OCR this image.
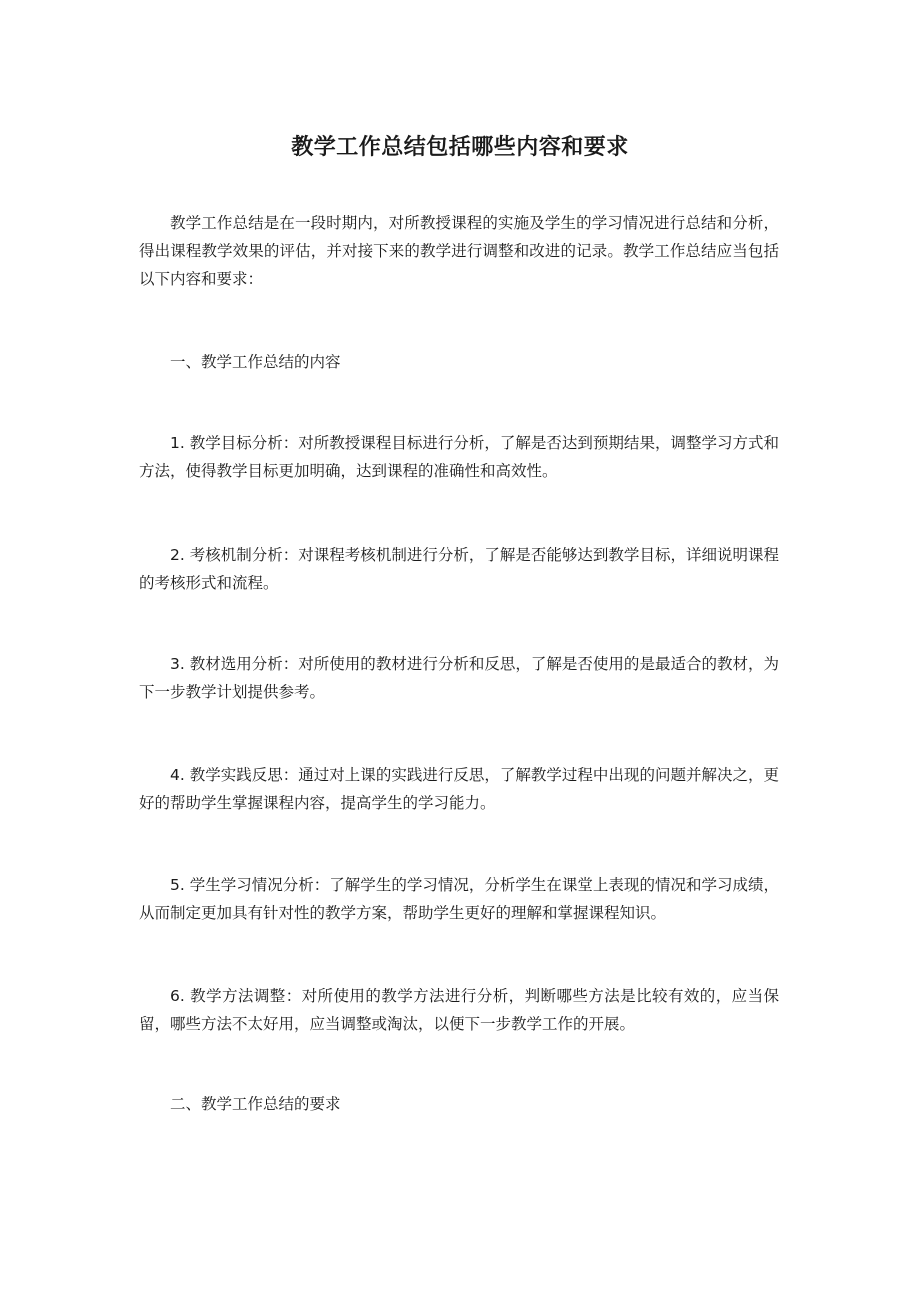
教学工作总结包括哪些内容和要求

教学工作总结是在一段时期内，对所教授课程的实施及学生的学习情况进行总结和分析，得出课程教学效果的评估，并对接下来的教学进行调整和改进的记录。教学工作总结应当包括以下内容和要求：

一、教学工作总结的内容

1. 教学目标分析：对所教授课程目标进行分析，了解是否达到预期结果，调整学习方式和方法，使得教学目标更加明确，达到课程的准确性和高效性。

2. 考核机制分析：对课程考核机制进行分析，了解是否能够达到教学目标，详细说明课程的考核形式和流程。

3. 教材选用分析：对所使用的教材进行分析和反思，了解是否使用的是最适合的教材，为下一步教学计划提供参考。

4. 教学实践反思：通过对上课的实践进行反思，了解教学过程中出现的问题并解决之，更好的帮助学生掌握课程内容，提高学生的学习能力。

5. 学生学习情况分析：了解学生的学习情况，分析学生在课堂上表现的情况和学习成绩，从而制定更加具有针对性的教学方案，帮助学生更好的理解和掌握课程知识。

6. 教学方法调整：对所使用的教学方法进行分析，判断哪些方法是比较有效的，应当保留，哪些方法不太好用，应当调整或淘汰，以便下一步教学工作的开展。

二、教学工作总结的要求
